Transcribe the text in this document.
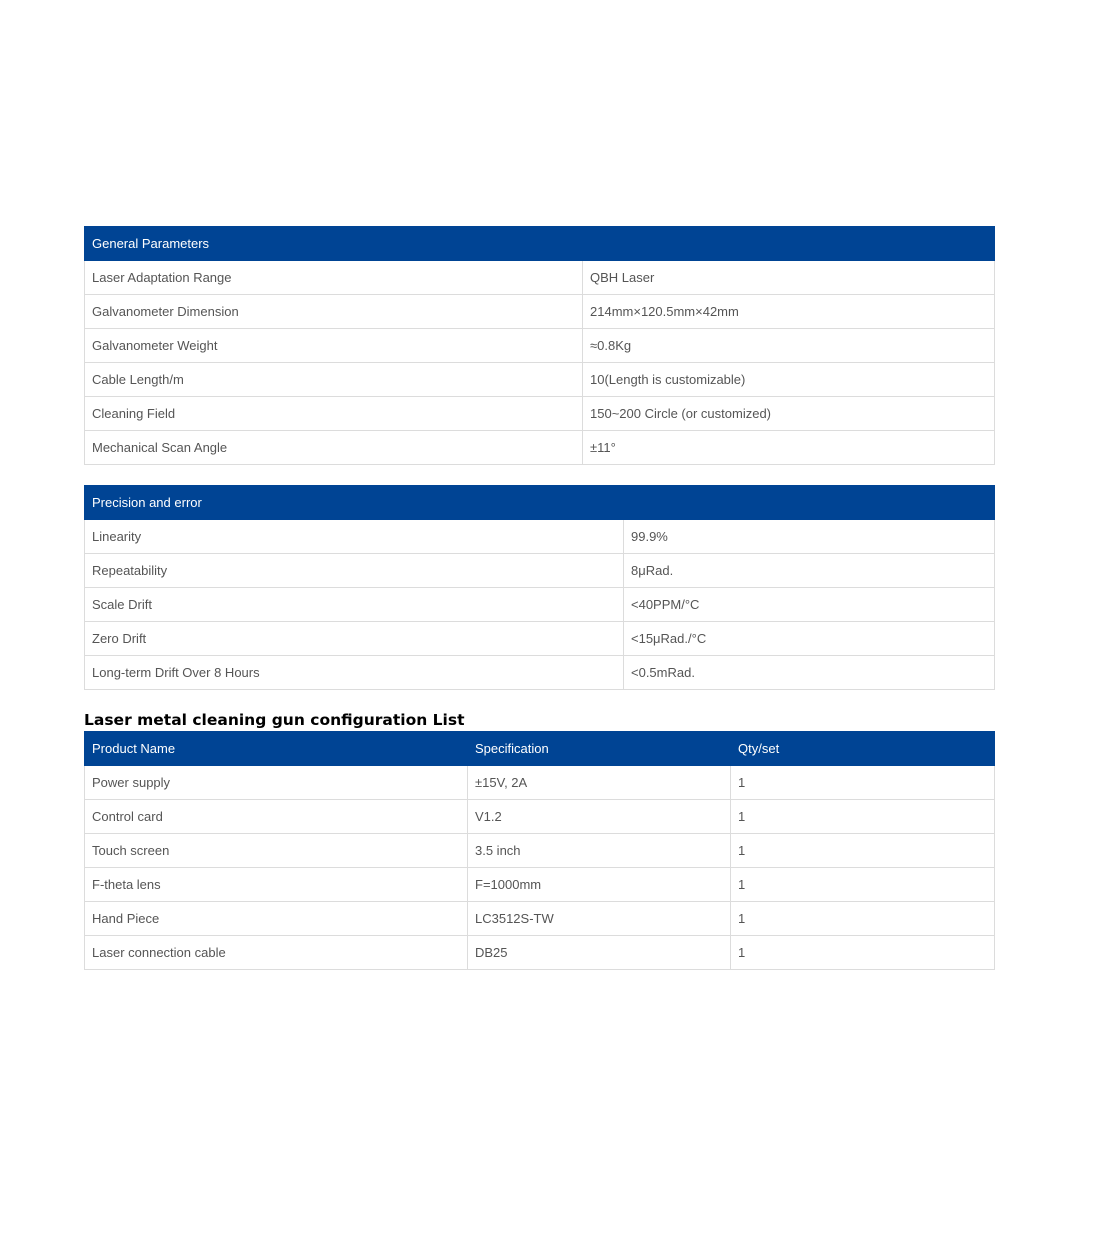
General Parameters	
Laser Adaptation Range	QBH Laser
Galvanometer Dimension	214mm×120.5mm×42mm
Galvanometer Weight	≈0.8Kg
Cable Length/m	10(Length is customizable)
Cleaning Field	150~200 Circle (or customized)
Mechanical Scan Angle	±11°
Precision and error	
Linearity	99.9%
Repeatability	8μRad.
Scale Drift	<40PPM/°C
Zero Drift	<15μRad./°C
Long-term Drift Over 8 Hours	<0.5mRad.
Laser metal cleaning gun configuration List
Product Name	Specification	Qty/set
Power supply	±15V, 2A	1
Control card	V1.2	1
Touch screen	3.5 inch	1
F-theta lens	F=1000mm	1
Hand Piece	LC3512S-TW	1
Laser connection cable	DB25	1
